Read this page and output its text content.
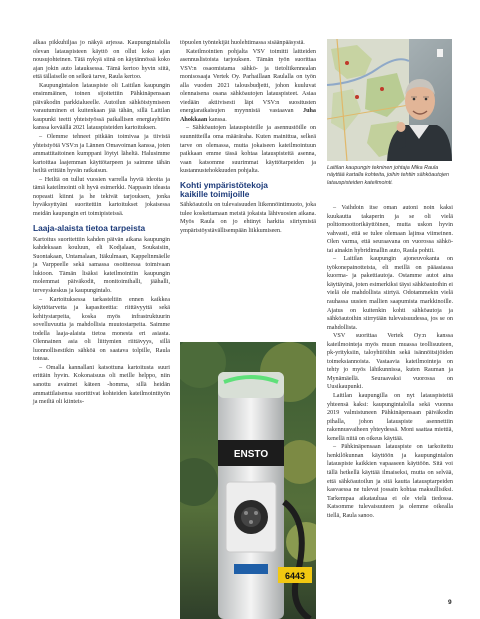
alkaa pikkuhiljaa jo näkyä arjessa. Kaupungintalolla olevan latauspisteen käyttö on ollut koko ajan nousujohteinen. Tätä nykyä siinä on käytännössä koko ajan jokin auto latauksessa. Tämä kertoo hyvin siitä, että tällaiselle on selkeä tarve, Raula kertoo.

Kaupungintalon latauspiste oli Laitilan kaupungin ensimmäinen, toinen sijoitettiin Pähkinäpensaan päiväkodin parkkialueelle. Autoilun sähköistymiseen varautuminen ei kuitenkaan jää tähän, sillä Laitilan kaupunki teetti yhteistyössä paikallisen energiayhtiön kanssa keväällä 2021 latauspisteiden kartoituksen.

– Olemme tehneet pitkään toimivaa ja tiivistä yhteistyötä VSV:n ja Lännen Omavoiman kanssa, joten ammattitaitoinen kumppani löytyi läheltä. Halusimme kartoittaa laajemman käyttötarpeen ja saimme tähän heiltä erittäin hyvän ratkaisun.

– Heiltä on tullut vuosien varrella hyviä ideoita ja tämä kateilmointi oli hyvä esimerkki. Nappasin ideasta nopeasti kiinni ja he tekivät tarjouksen, jonka hyväksyttyäni suoritettiin kartoitukset jokaisessa meidän kaupungin eri toimipisteissä.

Laaja-alaista tietoa tarpeista

Kartoitus suoritettiin kahden päivän aikana kaupungin kahdeksaan kouluun, eli Kodjalaan, Soukaisiin, Suontakaan, Untamalaan, Itäkulmaan, Kappelinmäelle ja Varppeelle sekä samassa osoitteessa toimivaan lukioon. Tämän lisäksi kateilmointiin kaupungin molemmat päiväkodit, monitoimihalli, jäähalli, terveyskeskus ja kaupungintalo.

– Kartoituksessa tarkasteltiin ennen kaikkea käyttötarvetta ja kapasiteettia: riittävyyttä sekä kehitystarpeita, koska myös infrastruktuurin sovelluvuutta ja mahdollisia muutostarpeita. Saimme todella laaja-alaista tietoa monesta eri asiasta. Olennainen asia oli liittymien riittävyys, sillä luonnollisestikin sähköä on saatava tolpille, Raula toteaa.

– Omalla kannallani katsottuna kartoitusta suuri erittäin hyvin. Kokonaisuus oli meille helppo, niin sanottu avaimet käteen -homma, sillä heidän ammattilaisensa suorittivat kohteiden kateilmointityön ja meiltä oli kiinteis-

töpuolen työntekijät huolehtimassa sisäänpääsystä.

Kateilmointien pohjalta VSV toimitti laitteiden asennuslistoista tarjouksen. Tämän työn suorittaa VSV:n osaomistama sähkö- ja tietoliikennealan monisosaaja Vertek Oy. Parhaillaan Raulalla on työn alla vuoden 2021 talousbudjetti, johon kuuluvat olennaisena osana sähköautojen latauspisteet. Asiaa viedään aktiivisesti läpi VSV:n suositusten energiaratkaisujen myynnistä vastaavan Juha Ahokkaan kanssa.

– Sähköautojen latauspisteille ja asennustöille on suunnitteilla oma määräraha. Kuten mainittua, selkeä tarve on olemassa, mutta jokaiseen kateilmointuun paikkaan emme tässä kohtaa latauspisteitä asenna, vaan katsomme suurimmat käyttötarpeiden ja kustannustehokkuuden pohjalta.

Kohti ympäristötekoja
kaikille toimijoille

Sähköautoilu on tulevaisuuden liikennöintimuoto, joka tulee koskettamaan meistä jokaista lähivuosien aikana. Myös Raula on jo ehtinyt harkita siirtymistä ympäristöystävällisempään liikkumiseen.

Laitilan kaupungin tekninen johtaja Mika Raula näyttää kartalla kohteita, joihin tehtiin sähköautojen latauspisteiden kateilmointi.

– Vaihdoin itse oman autoni noin kaksi kuukautta takaperin ja se oli vielä polttomoottorikäyttöinen, mutta uskon hyvin vahvasti, että se tulee olemaan lajinsa viimeinen. Olen varma, että seuraavana on vuorossa sähkö- tai ainakin hybridimallin auto, Raula pohtii.

– Laitilan kaupungin ajoneuvokanta on työkonepainotteista, eli meillä on pääasiassa kuorma- ja pakettiautoja. Ostamme autot aina käyttäyinä, joten esimerkiksi täysi sähköautoihin ei vielä ole mahdollista siirtyä. Odotammekin vielä rauhassa uusien mallien saapumista markkinoille. Ajatus on kuitenkin kohti sähköautoja ja sähköautoihin siirrytään tulevaisuudessa, jos se on mahdollista.

VSV suorittaa Vertek Oy:n kanssa kateilmointeja myös muun muassa teollisuuteen, pk-yrityksiin, taloyhtiöihin sekä isännöitsijöiden toimeksiannoista. Vastaavia kateilmointeja on tehty jo myös lähikunnissa, kuten Rauman ja Mynämäellä. Seuraavaksi vuorossa on Uusikaupunki.

Laitilan kaupungilla on nyt latauspisteitä yhteensä kaksi: kaupungintalolla sekä vuonna 2019 valmistuneen Pähkinäpensaan päiväkodin pihalla, johon latauspiste asennettiin rakennusvaiheen yhteydessä. Moni saattaa miettiä, kenellä niitä on oikeus käyttää.

– Pähkinäpensaan latauspiste on tarkoitettu henkilökunnan käyttöön ja kaupungintalon latauspiste kaikkien vapaaseen käyttöön. Sitä voi tällä hetkellä käyttää ilmaiseksi, mutta on selvää, että sähköautoilun ja sitä kautta latausptarpeiden kasvaessa ne tulevat jossain kohtaa maksullisiksi. Tarkempaa aikatauluaa ei ole vielä tiedossa. Katsomme tulevaisuuteen ja olemme oikealla tiellä, Raula sanoo.

ENSTO
6443
9
